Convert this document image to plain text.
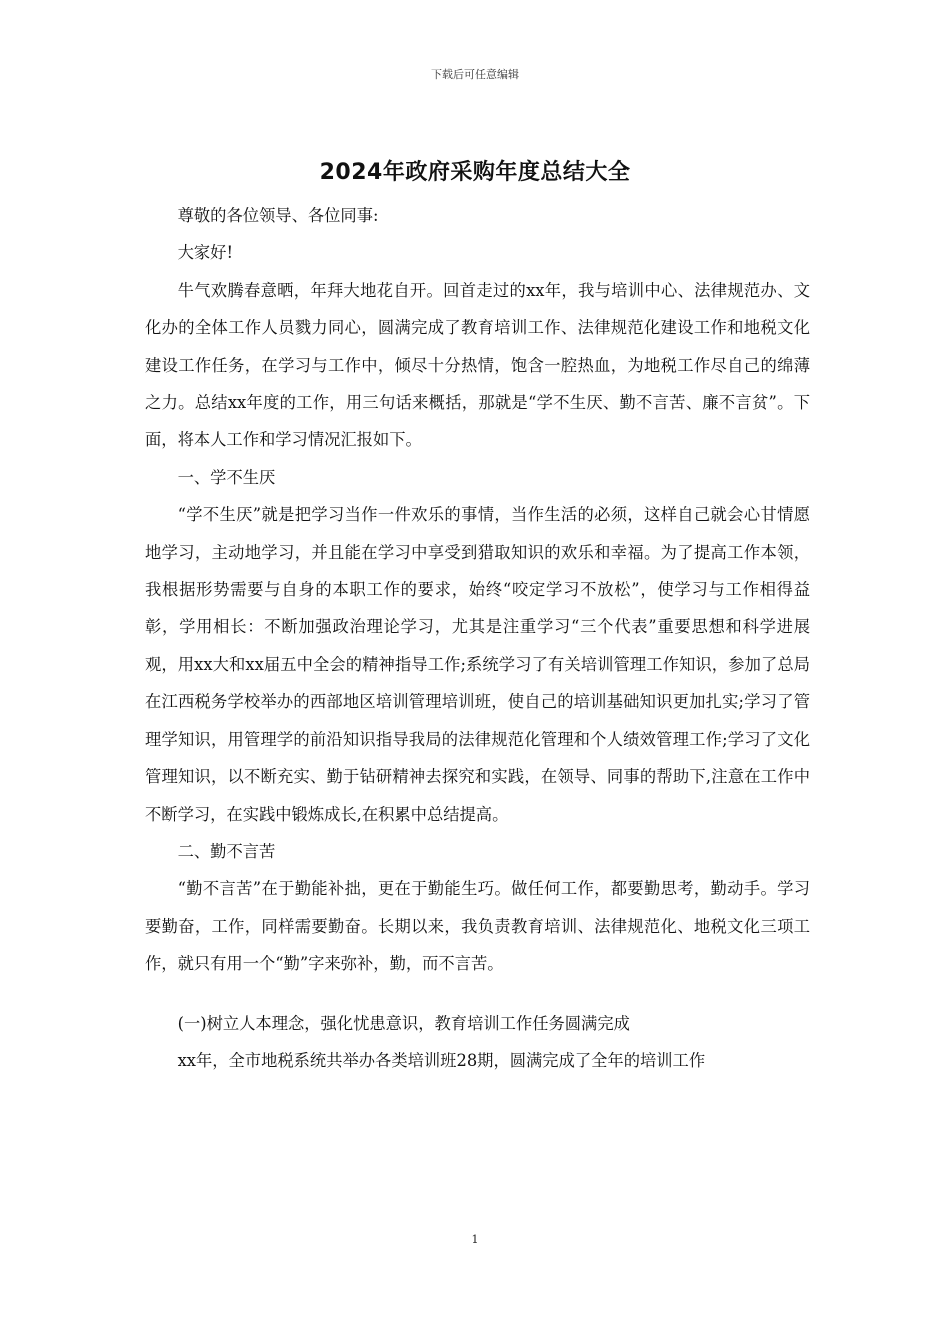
下载后可任意编辑
2024年政府采购年度总结大全

尊敬的各位领导、各位同事:

大家好!

牛气欢腾春意晒，年拜大地花自开。回首走过的xx年，我与培训中心、法律规范办、文化办的全体工作人员戮力同心，圆满完成了教育培训工作、法律规范化建设工作和地税文化建设工作任务，在学习与工作中，倾尽十分热情，饱含一腔热血，为地税工作尽自己的绵薄之力。总结xx年度的工作，用三句话来概括，那就是“学不生厌、勤不言苦、廉不言贫”。下面，将本人工作和学习情况汇报如下。

一、学不生厌

“学不生厌”就是把学习当作一件欢乐的事情，当作生活的必须，这样自己就会心甘情愿地学习，主动地学习，并且能在学习中享受到猎取知识的欢乐和幸福。为了提高工作本领，我根据形势需要与自身的本职工作的要求，始终“咬定学习不放松”，使学习与工作相得益彰，学用相长：不断加强政治理论学习，尤其是注重学习“三个代表”重要思想和科学进展观，用xx大和xx届五中全会的精神指导工作;系统学习了有关培训管理工作知识，参加了总局在江西税务学校举办的西部地区培训管理培训班，使自己的培训基础知识更加扎实;学习了管理学知识，用管理学的前沿知识指导我局的法律规范化管理和个人绩效管理工作;学习了文化管理知识，以不断充实、勤于钻研精神去探究和实践，在领导、同事的帮助下,注意在工作中不断学习，在实践中锻炼成长,在积累中总结提高。

二、勤不言苦

“勤不言苦”在于勤能补拙，更在于勤能生巧。做任何工作，都要勤思考，勤动手。学习要勤奋，工作，同样需要勤奋。长期以来，我负责教育培训、法律规范化、地税文化三项工作，就只有用一个“勤”字来弥补，勤，而不言苦。

(一)树立人本理念，强化忧患意识，教育培训工作任务圆满完成

xx年，全市地税系统共举办各类培训班28期，圆满完成了全年的培训工作

1
